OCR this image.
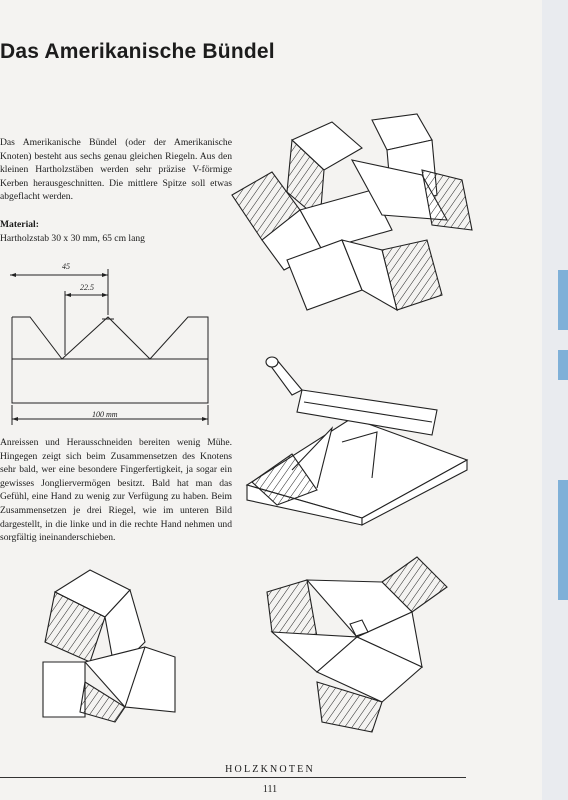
Das Amerikanische Bündel
Das Amerikanische Bündel (oder der Amerikanische Knoten) besteht aus sechs genau gleichen Riegeln. Aus den kleinen Hartholzstäben werden sehr präzise V-förmige Kerben herausgeschnitten. Die mittlere Spitze soll etwas abgeflacht werden.
Material:
Hartholzstab 30 x 30 mm, 65 cm lang
45
22.5
100 mm
Anreissen und Herausschneiden bereiten wenig Mühe. Hingegen zeigt sich beim Zusammensetzen des Knotens sehr bald, wer eine besondere Fingerfertigkeit, ja sogar ein gewisses Jongliervermögen besitzt. Bald hat man das Gefühl, eine Hand zu wenig zur Verfügung zu haben. Beim Zusammensetzen je drei Riegel, wie im unteren Bild dargestellt, in die linke und in die rechte Hand nehmen und sorgfältig ineinanderschieben.
HOLZKNOTEN
111
